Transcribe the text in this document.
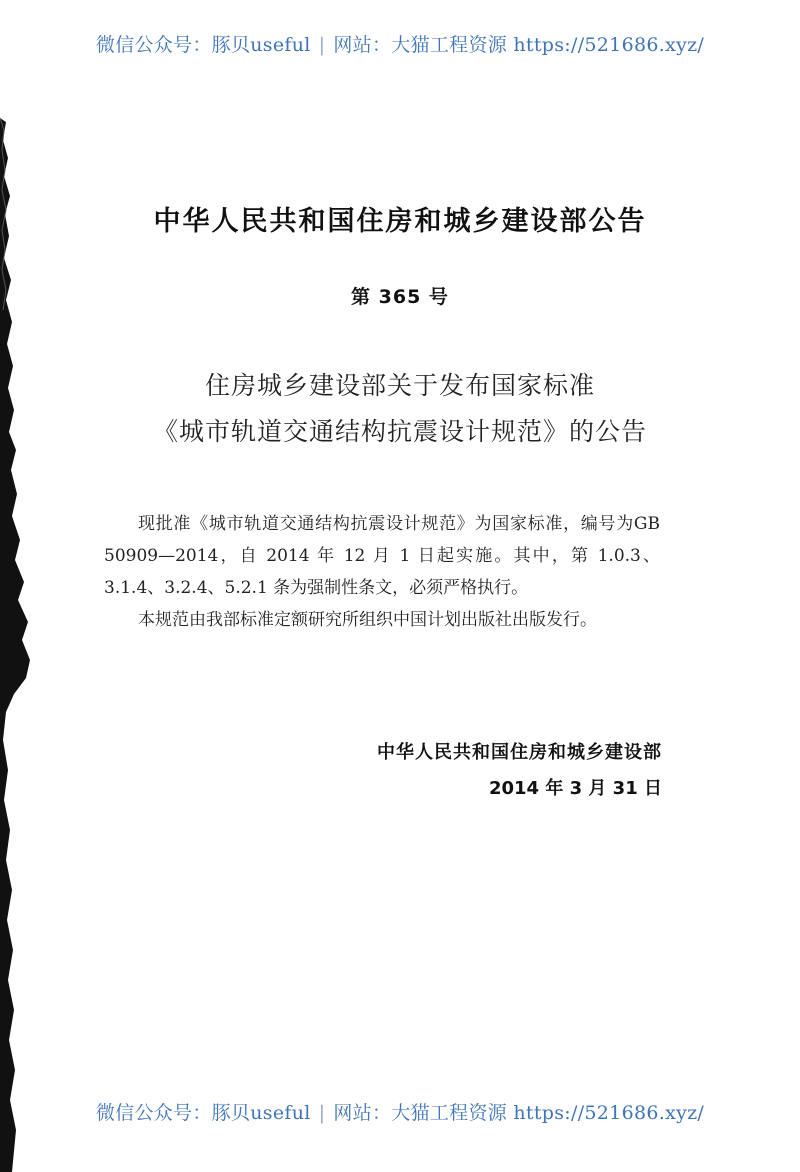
微信公众号：豚贝useful | 网站：大猫工程资源 https://521686.xyz/
中华人民共和国住房和城乡建设部公告
第 365 号
住房城乡建设部关于发布国家标准
《城市轨道交通结构抗震设计规范》的公告

现批准《城市轨道交通结构抗震设计规范》为国家标准，编号为GB 50909—2014，自 2014 年 12 月 1 日起实施。其中，第 1.0.3、3.1.4、3.2.4、5.2.1 条为强制性条文，必须严格执行。

本规范由我部标准定额研究所组织中国计划出版社出版发行。

中华人民共和国住房和城乡建设部
2014 年 3 月 31 日
微信公众号：豚贝useful | 网站：大猫工程资源 https://521686.xyz/
